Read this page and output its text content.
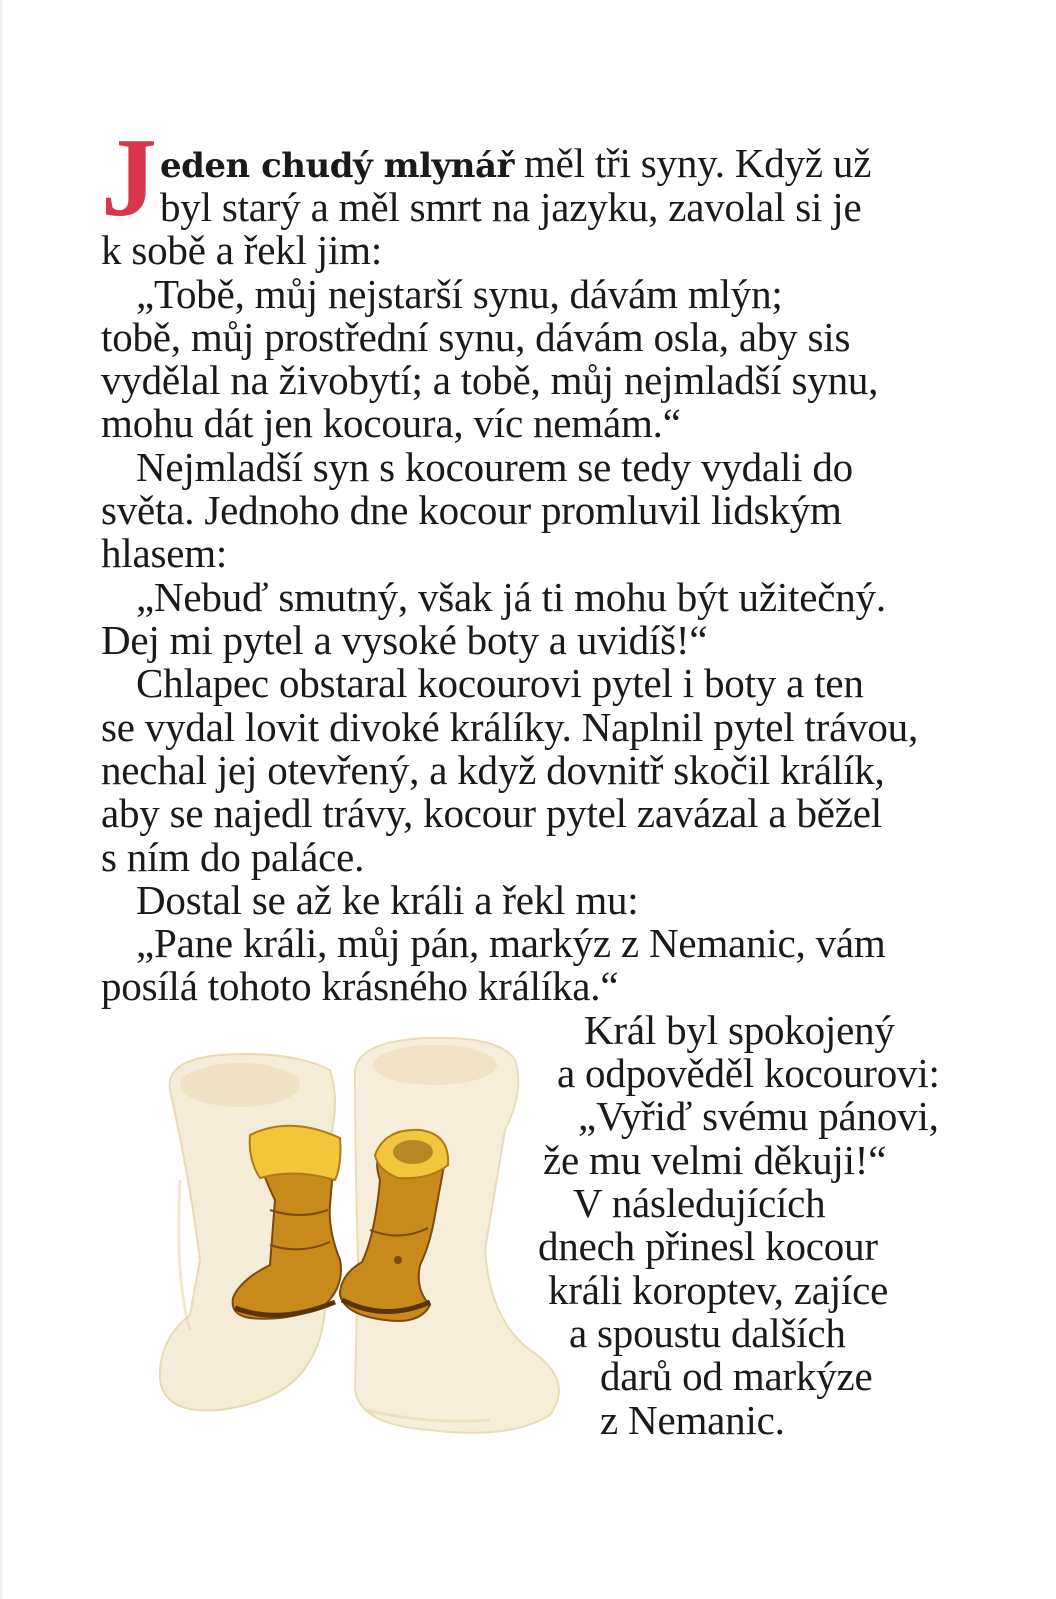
J eden chudý mlynář měl tři syny. Když už
byl starý a měl smrt na jazyku, zavolal si je
k sobě a řekl jim:
„Tobě, můj nejstarší synu, dávám mlýn;
tobě, můj prostřední synu, dávám osla, aby sis
vydělal na živobytí; a tobě, můj nejmladší synu,
mohu dát jen kocoura, víc nemám.“
Nejmladší syn s kocourem se tedy vydali do
světa. Jednoho dne kocour promluvil lidským
hlasem:
„Nebuď smutný, však já ti mohu být užitečný.
Dej mi pytel a vysoké boty a uvidíš!“
Chlapec obstaral kocourovi pytel i boty a ten
se vydal lovit divoké králíky. Naplnil pytel trávou,
nechal jej otevřený, a když dovnitř skočil králík,
aby se najedl trávy, kocour pytel zavázal a běžel
s ním do paláce.
Dostal se až ke králi a řekl mu:
„Pane králi, můj pán, markýz z Nemanic, vám
posílá tohoto krásného králíka.“
Král byl spokojený
a odpověděl kocourovi:
„Vyřiď svému pánovi,
že mu velmi děkuji!“
V následujících
dnech přinesl kocour
králi koroptev, zajíce
a spoustu dalších
darů od markýze
z Nemanic.
